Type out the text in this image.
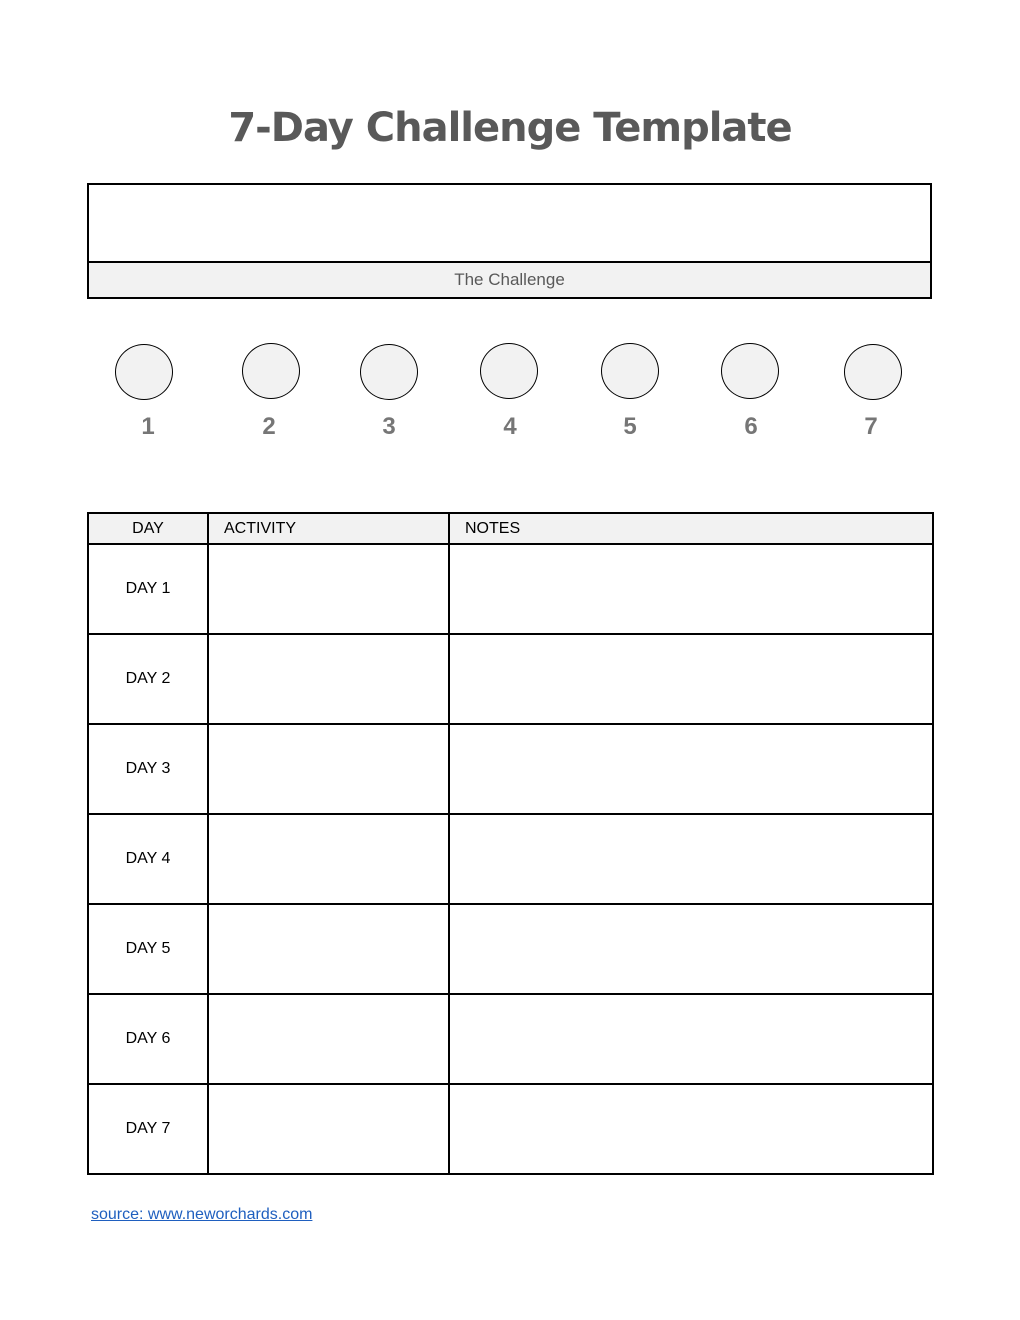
7-Day Challenge Template
The Challenge
1	2	3	4	5	6	7
DAY	ACTIVITY	NOTES
DAY 1		
DAY 2		
DAY 3		
DAY 4		
DAY 5		
DAY 6		
DAY 7		
source: www.neworchards.com
